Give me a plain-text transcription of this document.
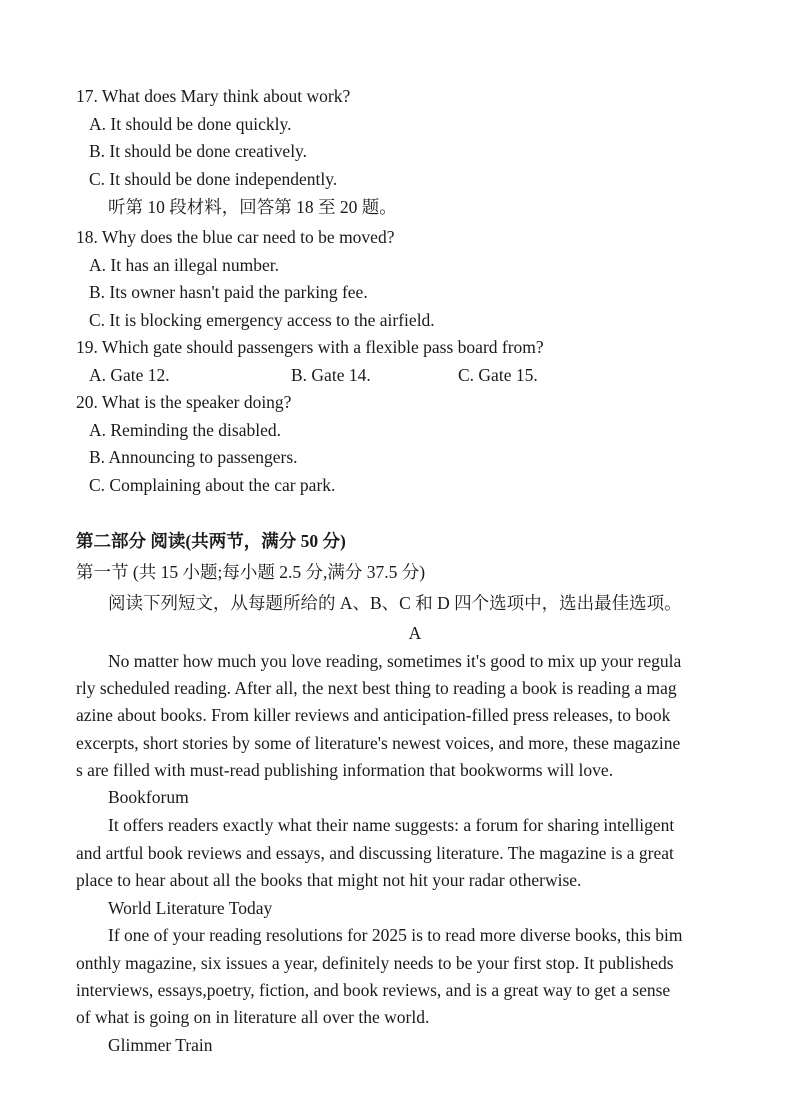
17. What does Mary think about work?
A. It should be done quickly.
B. It should be done creatively.
C. It should be done independently.
听第 10 段材料，回答第 18 至 20 题。
18. Why does the blue car need to be moved?
A. It has an illegal number.
B. Its owner hasn't paid the parking fee.
C. It is blocking emergency access to the airfield.
19. Which gate should passengers with a flexible pass board from?
A. Gate 12.	B. Gate 14.	C. Gate 15.
20. What is the speaker doing?
A. Reminding the disabled.
B. Announcing to passengers.
C. Complaining about the car park.
第二部分 阅读(共两节，满分 50 分)
第一节 (共 15 小题;每小题 2.5 分,满分 37.5 分)
阅读下列短文，从每题所给的 A、B、C 和 D 四个选项中，选出最佳选项。
A
No matter how much you love reading, sometimes it's good to mix up your regula
rly scheduled reading. After all, the next best thing to reading a book is reading a mag
azine about books. From killer reviews and anticipation-filled press releases, to book
excerpts, short stories by some of literature's newest voices, and more, these magazine
s are filled with must-read publishing information that bookworms will love.
Bookforum
It offers readers exactly what their name suggests: a forum for sharing intelligent
and artful book reviews and essays, and discussing literature. The magazine is a great
place to hear about all the books that might not hit your radar otherwise.
World Literature Today
If one of your reading resolutions for 2025 is to read more diverse books, this bim
onthly magazine, six issues a year, definitely needs to be your first stop. It publisheds
interviews, essays,poetry, fiction, and book reviews, and is a great way to get a sense
of what is going on in literature all over the world.
Glimmer Train
